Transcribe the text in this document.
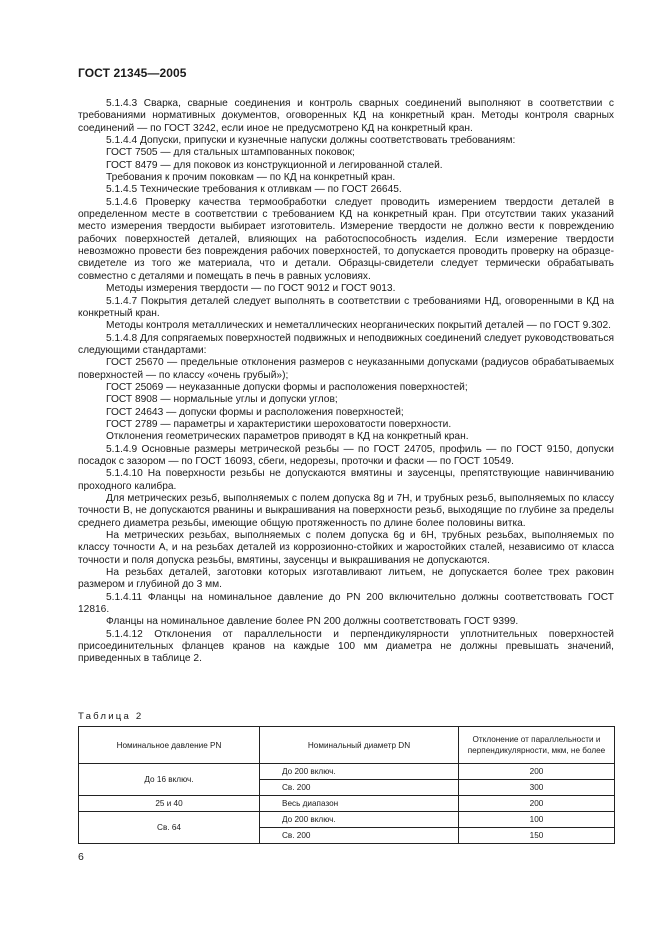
ГОСТ 21345—2005

5.1.4.3 Сварка, сварные соединения и контроль сварных соединений выполняют в соответствии с требованиями нормативных документов, оговоренных КД на конкретный кран. Методы контроля сварных соединений — по ГОСТ 3242, если иное не предусмотрено КД на конкретный кран.

5.1.4.4 Допуски, припуски и кузнечные напуски должны соответствовать требованиям:

ГОСТ 7505 — для стальных штампованных поковок;

ГОСТ 8479 — для поковок из конструкционной и легированной сталей.

Требования к прочим поковкам — по КД на конкретный кран.

5.1.4.5 Технические требования к отливкам — по ГОСТ 26645.

5.1.4.6 Проверку качества термообработки следует проводить измерением твердости деталей в определенном месте в соответствии с требованием КД на конкретный кран. При отсутствии таких указаний место измерения твердости выбирает изготовитель. Измерение твердости не должно вести к повреждению рабочих поверхностей деталей, влияющих на работоспособность изделия. Если измерение твердости невозможно провести без повреждения рабочих поверхностей, то допускается проводить проверку на образце-свидетеле из того же материала, что и детали. Образцы-свидетели следует термически обрабатывать совместно с деталями и помещать в печь в равных условиях.

Методы измерения твердости — по ГОСТ 9012 и ГОСТ 9013.

5.1.4.7 Покрытия деталей следует выполнять в соответствии с требованиями НД, оговоренными в КД на конкретный кран.

Методы контроля металлических и неметаллических неорганических покрытий деталей — по ГОСТ 9.302.

5.1.4.8 Для сопрягаемых поверхностей подвижных и неподвижных соединений следует руководствоваться следующими стандартами:

ГОСТ 25670 — предельные отклонения размеров с неуказанными допусками (радиусов обрабатываемых поверхностей — по классу «очень грубый»);

ГОСТ 25069 — неуказанные допуски формы и расположения поверхностей;

ГОСТ 8908 — нормальные углы и допуски углов;

ГОСТ 24643 — допуски формы и расположения поверхностей;

ГОСТ 2789 — параметры и характеристики шероховатости поверхности.

Отклонения геометрических параметров приводят в КД на конкретный кран.

5.1.4.9 Основные размеры метрической резьбы — по ГОСТ 24705, профиль — по ГОСТ 9150, допуски посадок с зазором — по ГОСТ 16093, сбеги, недорезы, проточки и фаски — по ГОСТ 10549.

5.1.4.10 На поверхности резьбы не допускаются вмятины и заусенцы, препятствующие навинчиванию проходного калибра.

Для метрических резьб, выполняемых с полем допуска 8g и 7H, и трубных резьб, выполняемых по классу точности B, не допускаются рванины и выкрашивания на поверхности резьб, выходящие по глубине за пределы среднего диаметра резьбы, имеющие общую протяженность по длине более половины витка.

На метрических резьбах, выполняемых с полем допуска 6g и 6H, трубных резьбах, выполняемых по классу точности А, и на резьбах деталей из коррозионно-стойких и жаростойких сталей, независимо от класса точности и поля допуска резьбы, вмятины, заусенцы и выкрашивания не допускаются.

На резьбах деталей, заготовки которых изготавливают литьем, не допускается более трех раковин размером и глубиной до 3 мм.

5.1.4.11 Фланцы на номинальное давление до PN 200 включительно должны соответствовать ГОСТ 12816.

Фланцы на номинальное давление более PN 200 должны соответствовать ГОСТ 9399.

5.1.4.12 Отклонения от параллельности и перпендикулярности уплотнительных поверхностей присоединительных фланцев кранов на каждые 100 мм диаметра не должны превышать значений, приведенных в таблице 2.

Таблица 2
Номинальное давление PN	Номинальный диаметр DN	Отклонение от параллельности и перпендикулярности, мкм, не более
До 16 включ.	До 200 включ.	200
	Св. 200	300
25 и 40	Весь диапазон	200
Св. 64	До 200 включ.	100
	Св. 200	150
6
